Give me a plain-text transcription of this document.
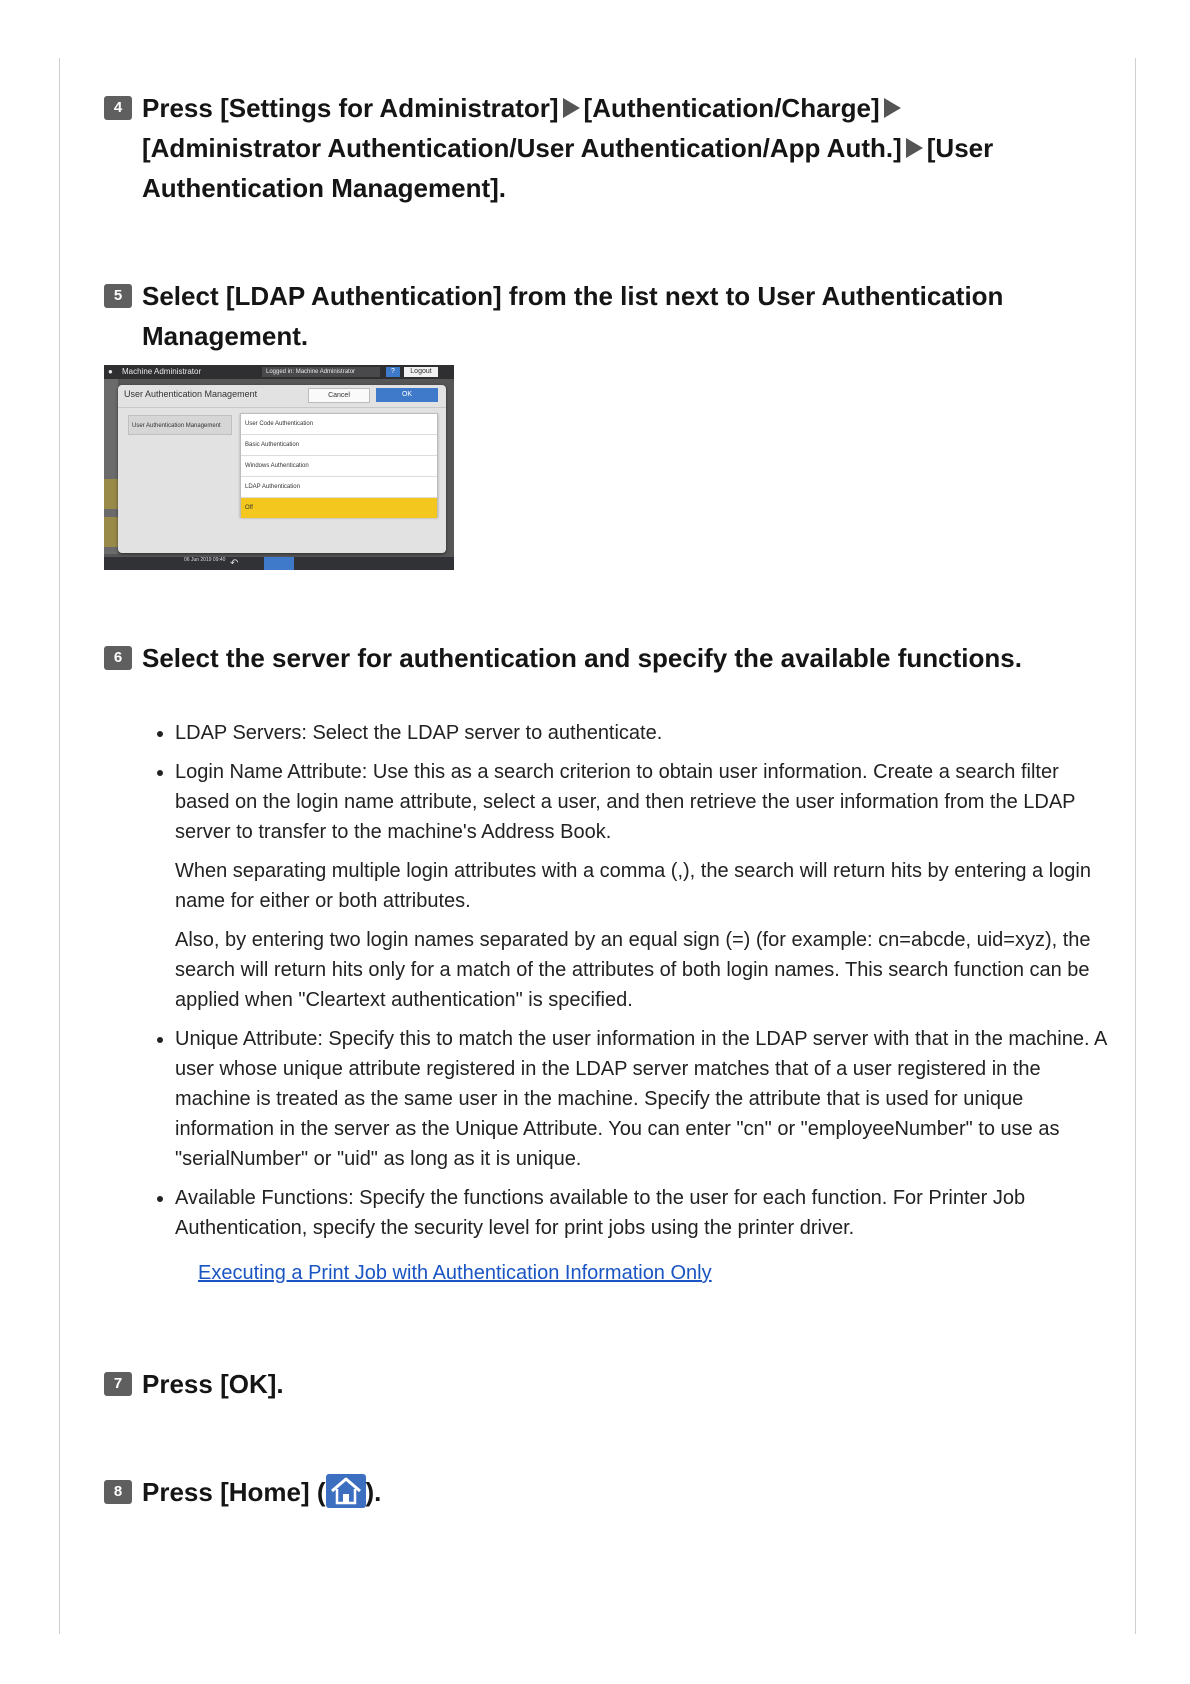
4 Press [Settings for Administrator] [Authentication/Charge]
[Administrator Authentication/User Authentication/App Auth.] [User
Authentication Management].
5 Select [LDAP Authentication] from the list next to User Authentication
Management.
● Machine Administrator	Logged in: Machine Administrator	?	Logout
User Authentication Management	Cancel	OK
User Authentication Management	User Code Authentication
Basic Authentication
Windows Authentication
LDAP Authentication
Off
06 Jun 2019 09:40 ↶
6 Select the server for authentication and specify the available functions.

• LDAP Servers: Select the LDAP server to authenticate.

• Login Name Attribute: Use this as a search criterion to obtain user information. Create a search filter based on the login name attribute, select a user, and then retrieve the user information from the LDAP server to transfer to the machine's Address Book.

When separating multiple login attributes with a comma (,), the search will return hits by entering a login name for either or both attributes.

Also, by entering two login names separated by an equal sign (=) (for example: cn=abcde, uid=xyz), the search will return hits only for a match of the attributes of both login names. This search function can be applied when "Cleartext authentication" is specified.

• Unique Attribute: Specify this to match the user information in the LDAP server with that in the machine. A user whose unique attribute registered in the LDAP server matches that of a user registered in the machine is treated as the same user in the machine. Specify the attribute that is used for unique information in the server as the Unique Attribute. You can enter "cn" or "employeeNumber" to use as "serialNumber" or "uid" as long as it is unique.

• Available Functions: Specify the functions available to the user for each function. For Printer Job Authentication, specify the security level for print jobs using the printer driver.

Executing a Print Job with Authentication Information Only
7 Press [OK].
8 Press [Home] ( ).
